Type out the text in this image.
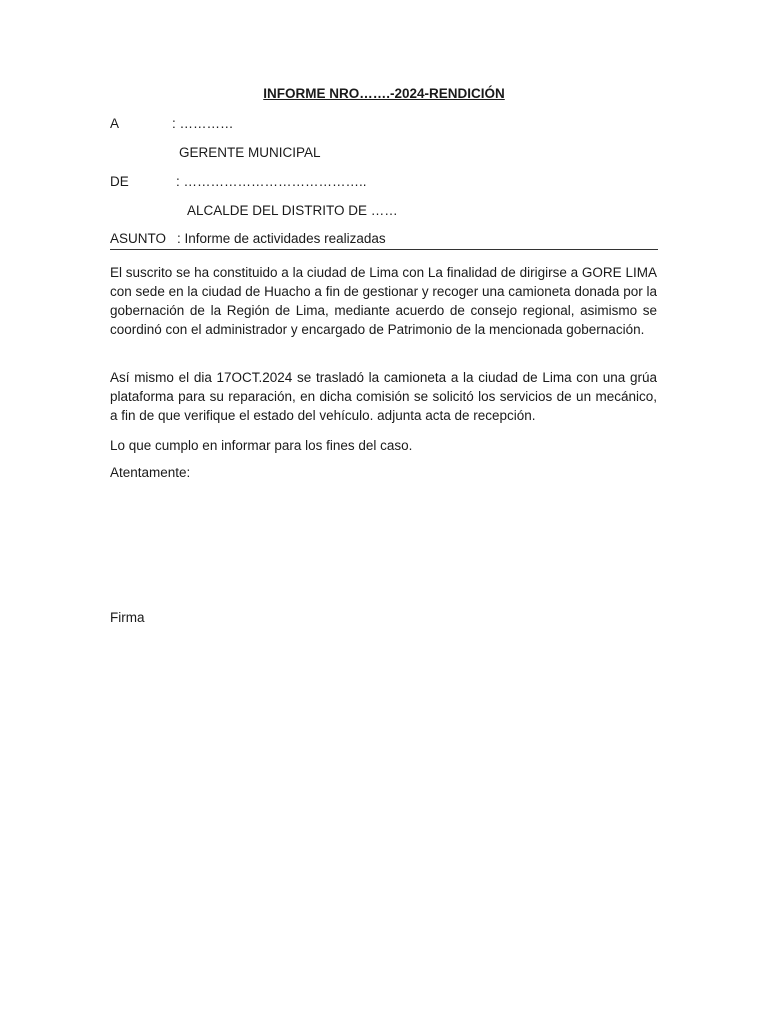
INFORME NRO…….-2024-RENDICIÓN
A	: …………
GERENTE MUNICIPAL
DE	: …………………………………..
ALCALDE DEL DISTRITO DE ……
ASUNTO : Informe de actividades realizadas

El suscrito se ha constituido a la ciudad de Lima con La finalidad de dirigirse a GORE LIMA con sede en la ciudad de Huacho a fin de gestionar y recoger una camioneta donada por la gobernación de la Región de Lima, mediante acuerdo de consejo regional, asimismo se coordinó con el administrador y encargado de Patrimonio de la mencionada gobernación.

Así mismo el dia 17OCT.2024 se trasladó la camioneta a la ciudad de Lima con una grúa plataforma para su reparación, en dicha comisión se solicitó los servicios de un mecánico, a fin de que verifique el estado del vehículo. adjunta acta de recepción.

Lo que cumplo en informar para los fines del caso.

Atentamente:
Firma
